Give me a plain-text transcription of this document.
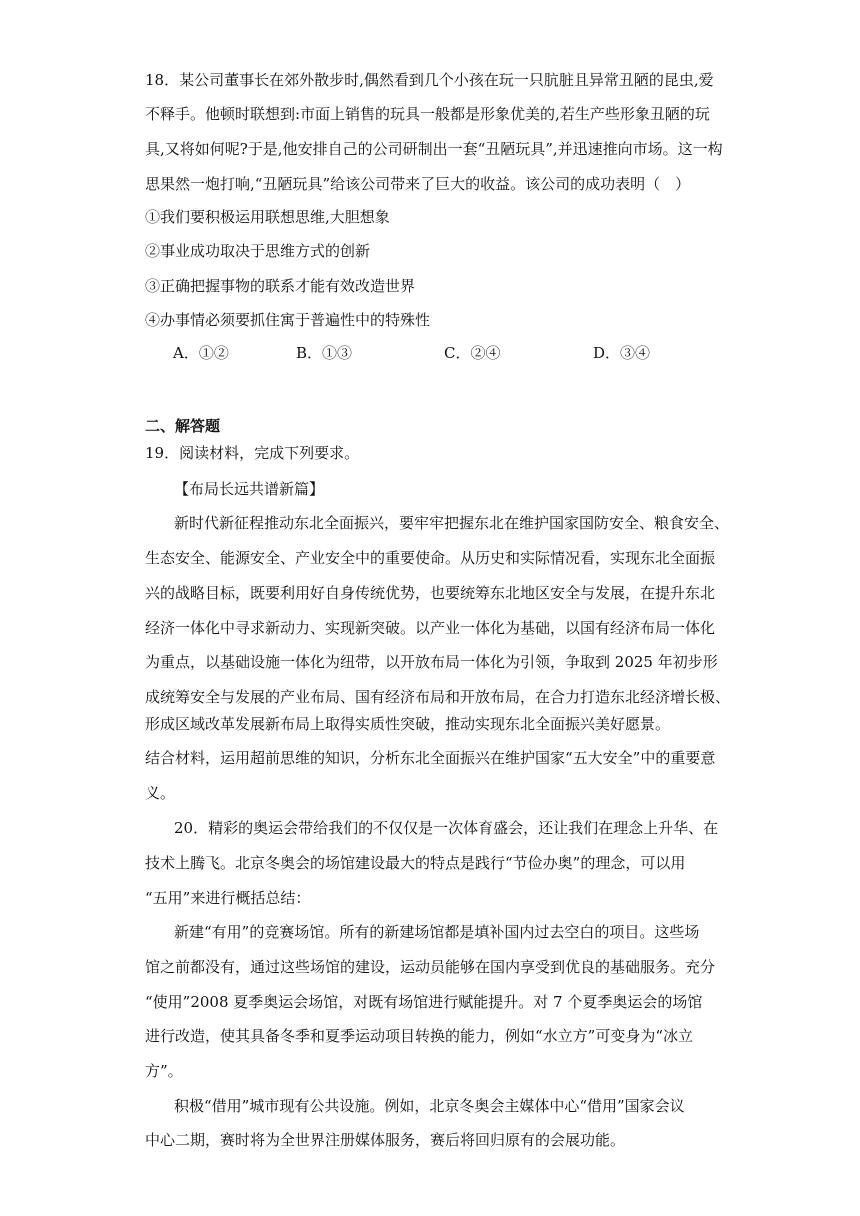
18．某公司董事长在郊外散步时,偶然看到几个小孩在玩一只肮脏且异常丑陋的昆虫,爱
不释手。他顿时联想到:市面上销售的玩具一般都是形象优美的,若生产些形象丑陋的玩
具,又将如何呢?于是,他安排自己的公司研制出一套“丑陋玩具”,并迅速推向市场。这一构
思果然一炮打响,“丑陋玩具”给该公司带来了巨大的收益。该公司的成功表明（　）
①我们要积极运用联想思维,大胆想象
②事业成功取决于思维方式的创新
③正确把握事物的联系才能有效改造世界
④办事情必须要抓住寓于普遍性中的特殊性
A．①②	B．①③	C．②④	D．③④
二、解答题
19．阅读材料，完成下列要求。
【布局长远共谱新篇】
新时代新征程推动东北全面振兴，要牢牢把握东北在维护国家国防安全、粮食安全、
生态安全、能源安全、产业安全中的重要使命。从历史和实际情况看，实现东北全面振
兴的战略目标，既要利用好自身传统优势，也要统筹东北地区安全与发展，在提升东北
经济一体化中寻求新动力、实现新突破。以产业一体化为基础，以国有经济布局一体化
为重点，以基础设施一体化为纽带，以开放布局一体化为引领，争取到 2025 年初步形
成统筹安全与发展的产业布局、国有经济布局和开放布局，在合力打造东北经济增长极、
形成区域改革发展新布局上取得实质性突破，推动实现东北全面振兴美好愿景。
结合材料，运用超前思维的知识，分析东北全面振兴在维护国家“五大安全”中的重要意
义。
20．精彩的奥运会带给我们的不仅仅是一次体育盛会，还让我们在理念上升华、在
技术上腾飞。北京冬奥会的场馆建设最大的特点是践行“节俭办奥”的理念，可以用
“五用”来进行概括总结：
新建“有用”的竞赛场馆。所有的新建场馆都是填补国内过去空白的项目。这些场
馆之前都没有，通过这些场馆的建设，运动员能够在国内享受到优良的基础服务。充分
“使用”2008 夏季奥运会场馆，对既有场馆进行赋能提升。对 7 个夏季奥运会的场馆
进行改造，使其具备冬季和夏季运动项目转换的能力，例如“水立方”可变身为“冰立
方”。
积极“借用”城市现有公共设施。例如，北京冬奥会主媒体中心“借用”国家会议
中心二期，赛时将为全世界注册媒体服务，赛后将回归原有的会展功能。
